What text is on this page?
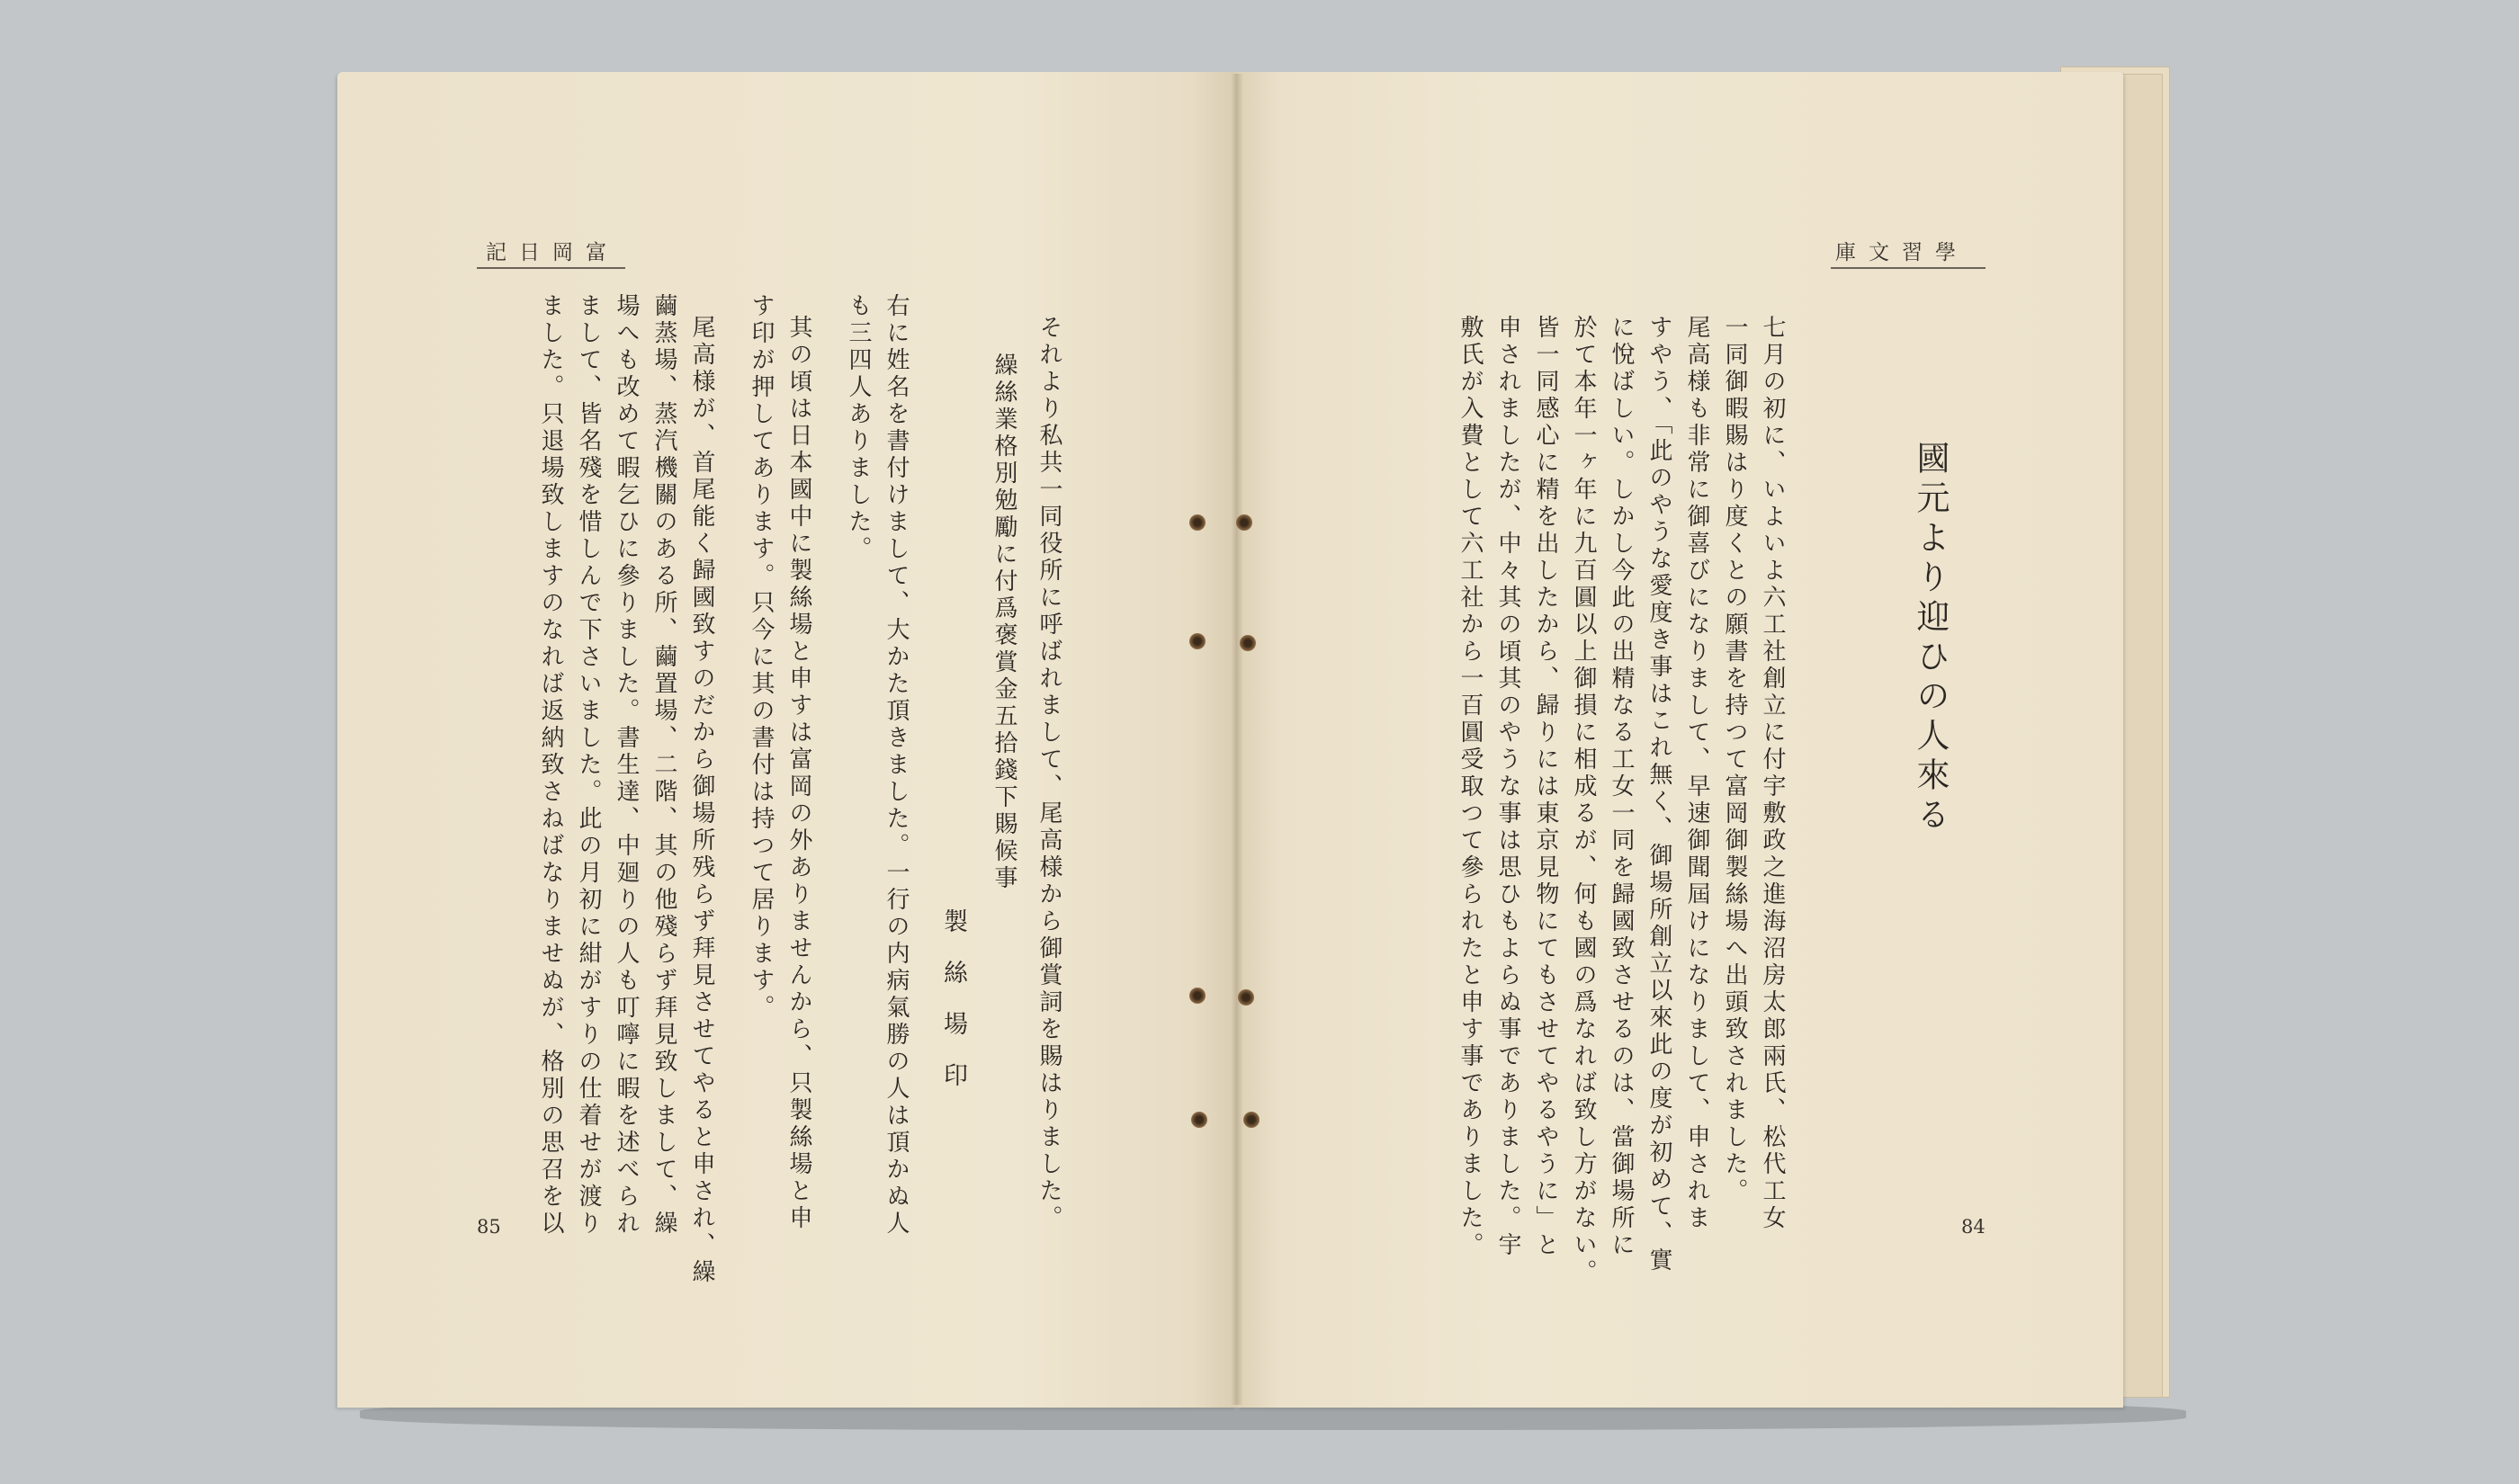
記日岡富
85
庫文習學
84
國元より迎ひの人來る
七月の初に、いよいよ六工社創立に付宇敷政之進海沼房太郎兩氏、松代工女
一同御暇賜はり度くとの願書を持つて富岡御製絲場へ出頭致されました。
尾高様も非常に御喜びになりまして、早速御聞屆けになりまして、申されま
すやう、「此のやうな愛度き事はこれ無く、御場所創立以來此の度が初めて、實
に悅ばしい。しかし今此の出精なる工女一同を歸國致させるのは、當御場所に
於て本年一ヶ年に九百圓以上御損に相成るが、何も國の爲なれば致し方がない。
皆一同感心に精を出したから、歸りには東京見物にてもさせてやるやうに」と
申されましたが、中々其の頃其のやうな事は思ひもよらぬ事でありました。宇
敷氏が入費として六工社から一百圓受取つて參られたと申す事でありました。
それより私共一同役所に呼ばれまして、尾高様から御賞詞を賜はりました。
繰絲業格別勉勵に付爲褒賞金五拾錢下賜候事
製絲場印
右に姓名を書付けまして、大かた頂きました。一行の内病氣勝の人は頂かぬ人
も三四人ありました。
其の頃は日本國中に製絲場と申すは富岡の外ありませんから、只製絲場と申
す印が押してあります。只今に其の書付は持つて居ります。
尾高様が、首尾能く歸國致すのだから御場所残らず拜見させてやると申され、繰
繭蒸場、蒸汽機關のある所、繭置場、二階、其の他殘らず拜見致しまして、繰
場へも改めて暇乞ひに參りました。書生達、中廻りの人も叮嚀に暇を述べられ
まして、皆名殘を惜しんで下さいました。此の月初に紺がすりの仕着せが渡り
ました。只退場致しますのなれば返納致さねばなりませぬが、格別の思召を以
